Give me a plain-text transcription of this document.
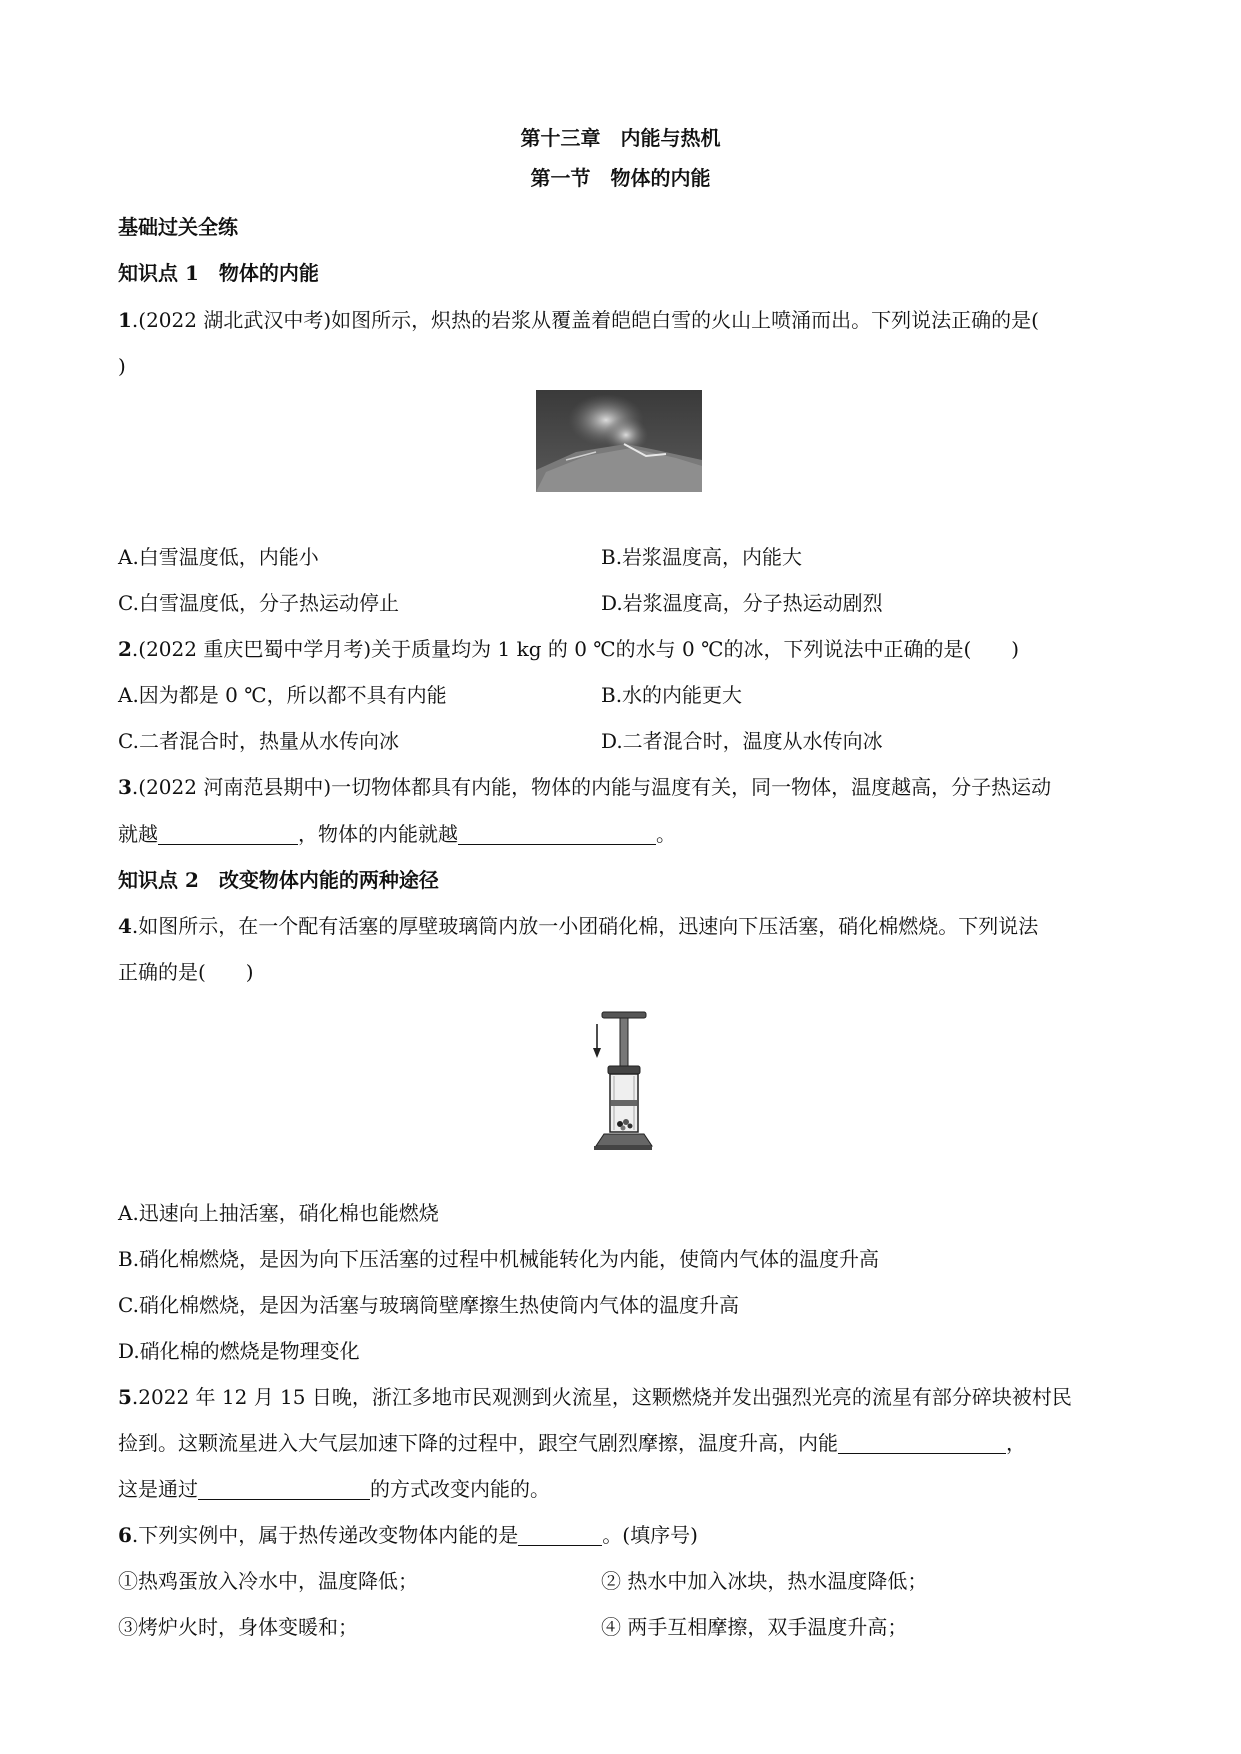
第十三章　内能与热机
第一节　物体的内能
基础过关全练
知识点 1　物体的内能
1.(2022 湖北武汉中考)如图所示，炽热的岩浆从覆盖着皑皑白雪的火山上喷涌而出。下列说法正确的是(
)
A.白雪温度低，内能小	B.岩浆温度高，内能大
C.白雪温度低，分子热运动停止	D.岩浆温度高，分子热运动剧烈
2.(2022 重庆巴蜀中学月考)关于质量均为 1 kg 的 0 ℃的水与 0 ℃的冰，下列说法中正确的是(　　)
A.因为都是 0 ℃，所以都不具有内能	B.水的内能更大
C.二者混合时，热量从水传向冰	D.二者混合时，温度从水传向冰
3.(2022 河南范县期中)一切物体都具有内能，物体的内能与温度有关，同一物体，温度越高，分子热运动
就越	，物体的内能就越	。
知识点 2　改变物体内能的两种途径
4.如图所示，在一个配有活塞的厚壁玻璃筒内放一小团硝化棉，迅速向下压活塞，硝化棉燃烧。下列说法
正确的是(　　)
A.迅速向上抽活塞，硝化棉也能燃烧
B.硝化棉燃烧，是因为向下压活塞的过程中机械能转化为内能，使筒内气体的温度升高
C.硝化棉燃烧，是因为活塞与玻璃筒壁摩擦生热使筒内气体的温度升高
D.硝化棉的燃烧是物理变化
5.2022 年 12 月 15 日晚，浙江多地市民观测到火流星，这颗燃烧并发出强烈光亮的流星有部分碎块被村民
捡到。这颗流星进入大气层加速下降的过程中，跟空气剧烈摩擦，温度升高，内能	，
这是通过	的方式改变内能的。
6.下列实例中，属于热传递改变物体内能的是	。(填序号)
①热鸡蛋放入冷水中，温度降低；	② 热水中加入冰块，热水温度降低；
③烤炉火时，身体变暖和；	④ 两手互相摩擦，双手温度升高；
